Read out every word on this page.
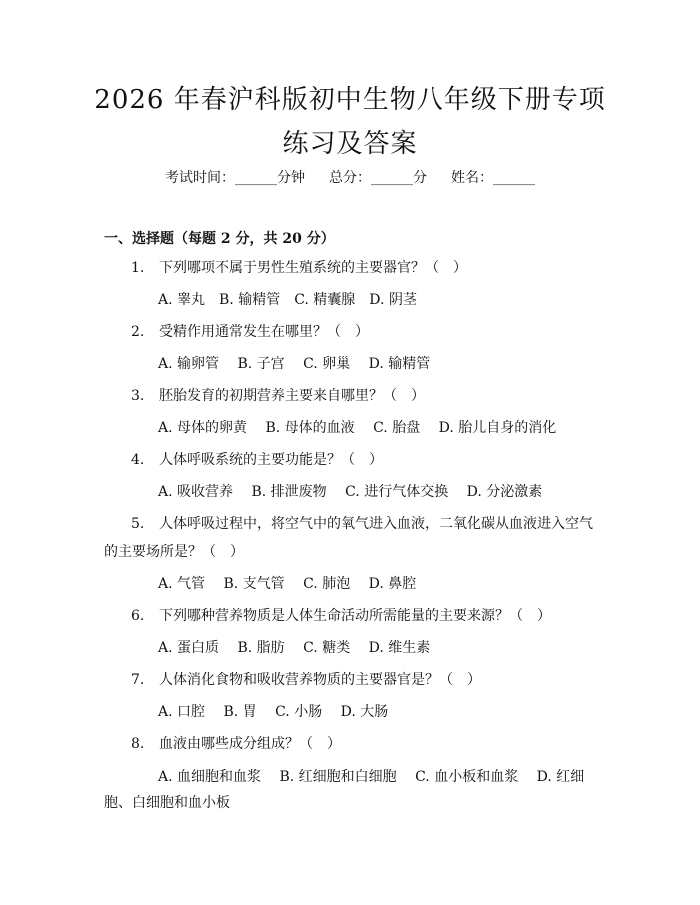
2026 年春沪科版初中生物八年级下册专项练习及答案
考试时间：______分钟 总分：______分 姓名：______
一、选择题（每题 2 分，共 20 分）

1. 下列哪项不属于男性生殖系统的主要器官？（　）

A. 睾丸　B. 输精管　C. 精囊腺　D. 阴茎

2. 受精作用通常发生在哪里？（　）

A. 输卵管　 B. 子宫　 C. 卵巢　 D. 输精管

3. 胚胎发育的初期营养主要来自哪里？（　）

A. 母体的卵黄　 B. 母体的血液　 C. 胎盘　 D. 胎儿自身的消化

4. 人体呼吸系统的主要功能是？（　）

A. 吸收营养　 B. 排泄废物　 C. 进行气体交换　 D. 分泌激素

5. 人体呼吸过程中，将空气中的氧气进入血液，二氧化碳从血液进入空气的主要场所是？（　）

A. 气管　 B. 支气管　 C. 肺泡　 D. 鼻腔

6. 下列哪种营养物质是人体生命活动所需能量的主要来源？（　）

A. 蛋白质　 B. 脂肪　 C. 糖类　 D. 维生素

7. 人体消化食物和吸收营养物质的主要器官是？（　）

A. 口腔　 B. 胃　 C. 小肠　 D. 大肠

8. 血液由哪些成分组成？（　）

A. 血细胞和血浆　 B. 红细胞和白细胞　 C. 血小板和血浆　 D. 红细胞、白细胞和血小板
